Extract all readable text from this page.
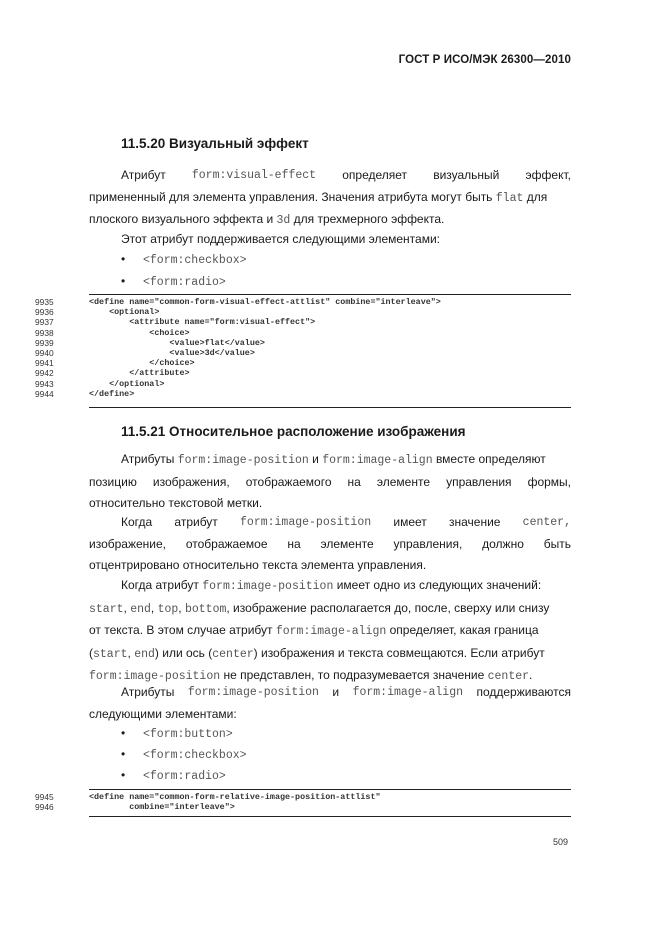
ГОСТ Р ИСО/МЭК 26300—2010
11.5.20 Визуальный эффект
Атрибут form:visual-effect определяет визуальный эффект,
примененный для элемента управления. Значения атрибута могут быть flat для
плоского визуального эффекта и 3d для трехмерного эффекта.
Этот атрибут поддерживается следующими элементами:
• <form:checkbox>
• <form:radio>
9935
9936
9937
9938
9939
9940
9941
9942
9943
9944
<define name="common-form-visual-effect-attlist" combine="interleave">
<optional>
<attribute name="form:visual-effect">
<choice>
<value>flat</value>
<value>3d</value>
</choice>
</attribute>
</optional>
</define>
11.5.21 Относительное расположение изображения
Атрибуты form:image-position и form:image-align вместе определяют
позицию изображения, отображаемого на элементе управления формы,
относительно текстовой метки.
Когда атрибут form:image-position имеет значение center,
изображение, отображаемое на элементе управления, должно быть
отцентрировано относительно текста элемента управления.
Когда атрибут form:image-position имеет одно из следующих значений:
start, end, top, bottom, изображение располагается до, после, сверху или снизу
от текста. В этом случае атрибут form:image-align определяет, какая граница
(start, end) или ось (center) изображения и текста совмещаются. Если атрибут
form:image-position не представлен, то подразумевается значение center.
Атрибуты form:image-position и form:image-align поддерживаются
следующими элементами:
• <form:button>
• <form:checkbox>
• <form:radio>
9945
9946
<define name="common-form-relative-image-position-attlist"
combine="interleave">
509
